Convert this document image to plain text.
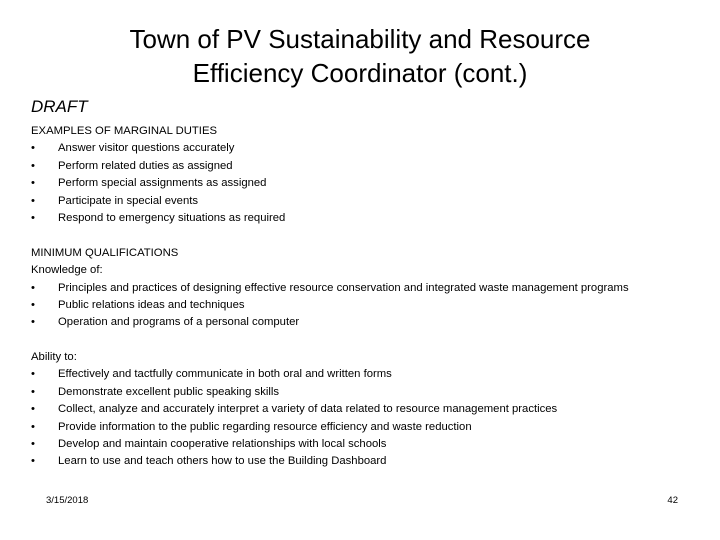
Town of PV Sustainability and Resource
Efficiency Coordinator (cont.)
DRAFT
EXAMPLES OF MARGINAL DUTIES
•	Answer visitor questions accurately
•	Perform related duties as assigned
•	Perform special assignments as assigned
•	Participate in special events
•	Respond to emergency situations as required
MINIMUM QUALIFICATIONS
Knowledge of:
•	Principles and practices of designing effective resource conservation and integrated waste management programs
•	Public relations ideas and techniques
•	Operation and programs of a personal computer
Ability to:
•	Effectively and tactfully communicate in both oral and written forms
•	Demonstrate excellent public speaking skills
•	Collect, analyze and accurately interpret a variety of data related to resource management practices
•	Provide information to the public regarding resource efficiency and waste reduction
•	Develop and maintain cooperative relationships with local schools
•	Learn to use and teach others how to use the Building Dashboard
3/15/2018	42
